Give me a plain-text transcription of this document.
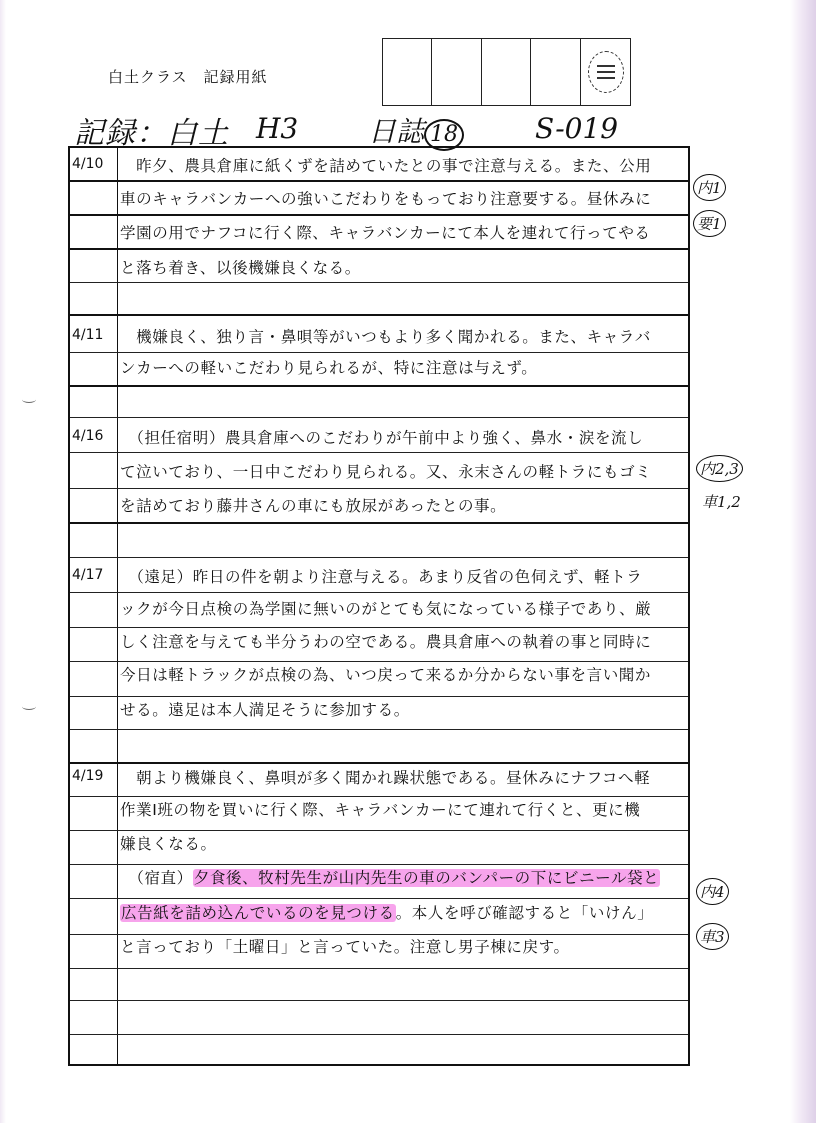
白土クラス　記録用紙
記録：白土 H3 日誌 18	S-019
4/10 　昨夕、農具倉庫に紙くずを詰めていたとの事で注意与える。また、公用
車のキャラバンカーへの強いこだわりをもっており注意要する。昼休みに
学園の用でナフコに行く際、キャラバンカーにて本人を連れて行ってやる
と落ち着き、以後機嫌良くなる。
4/11 　機嫌良く、独り言・鼻唄等がいつもより多く聞かれる。また、キャラバ
ンカーへの軽いこだわり見られるが、特に注意は与えず。
4/16 　（担任宿明）農具倉庫へのこだわりが午前中より強く、鼻水・涙を流し
て泣いており、一日中こだわり見られる。又、永末さんの軽トラにもゴミ
を詰めており藤井さんの車にも放尿があったとの事。
4/17 　（遠足）昨日の件を朝より注意与える。あまり反省の色伺えず、軽トラ
ックが今日点検の為学園に無いのがとても気になっている様子であり、厳
しく注意を与えても半分うわの空である。農具倉庫への執着の事と同時に
今日は軽トラックが点検の為、いつ戻って来るか分からない事を言い聞か
せる。遠足は本人満足そうに参加する。
4/19 　朝より機嫌良く、鼻唄が多く聞かれ躁状態である。昼休みにナフコへ軽
作業Ⅰ班の物を買いに行く際、キャラバンカーにて連れて行くと、更に機
嫌良くなる。
　（宿直）夕食後、牧村先生が山内先生の車のバンパーの下にビニール袋と
広告紙を詰め込んでいるのを見つける。本人を呼び確認すると「いけん」
と言っており「土曜日」と言っていた。注意し男子棟に戻す。
内1
要1
内2,3
車1,2
内4
車3
